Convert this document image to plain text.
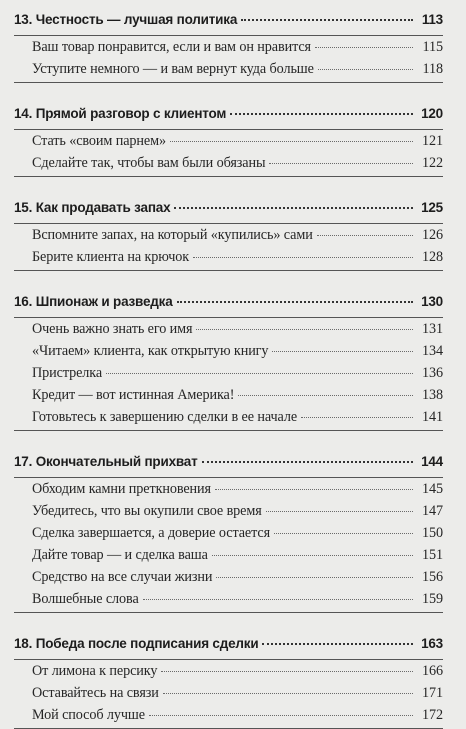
13. Честность — лучшая политика	113
Ваш товар понравится, если и вам он нравится	115
Уступите немного — и вам вернут куда больше	118
14. Прямой разговор с клиентом	120
Стать «своим парнем»	121
Сделайте так, чтобы вам были обязаны	122
15. Как продавать запах	125
Вспомните запах, на который «купились» сами	126
Берите клиента на крючок	128
16. Шпионаж и разведка	130
Очень важно знать его имя	131
«Читаем» клиента, как открытую книгу	134
Пристрелка	136
Кредит — вот истинная Америка!	138
Готовьтесь к завершению сделки в ее начале	141
17. Окончательный прихват	144
Обходим камни преткновения	145
Убедитесь, что вы окупили свое время	147
Сделка завершается, а доверие остается	150
Дайте товар — и сделка ваша	151
Средство на все случаи жизни	156
Волшебные слова	159
18. Победа после подписания сделки	163
От лимона к персику	166
Оставайтесь на связи	171
Мой способ лучше	172
